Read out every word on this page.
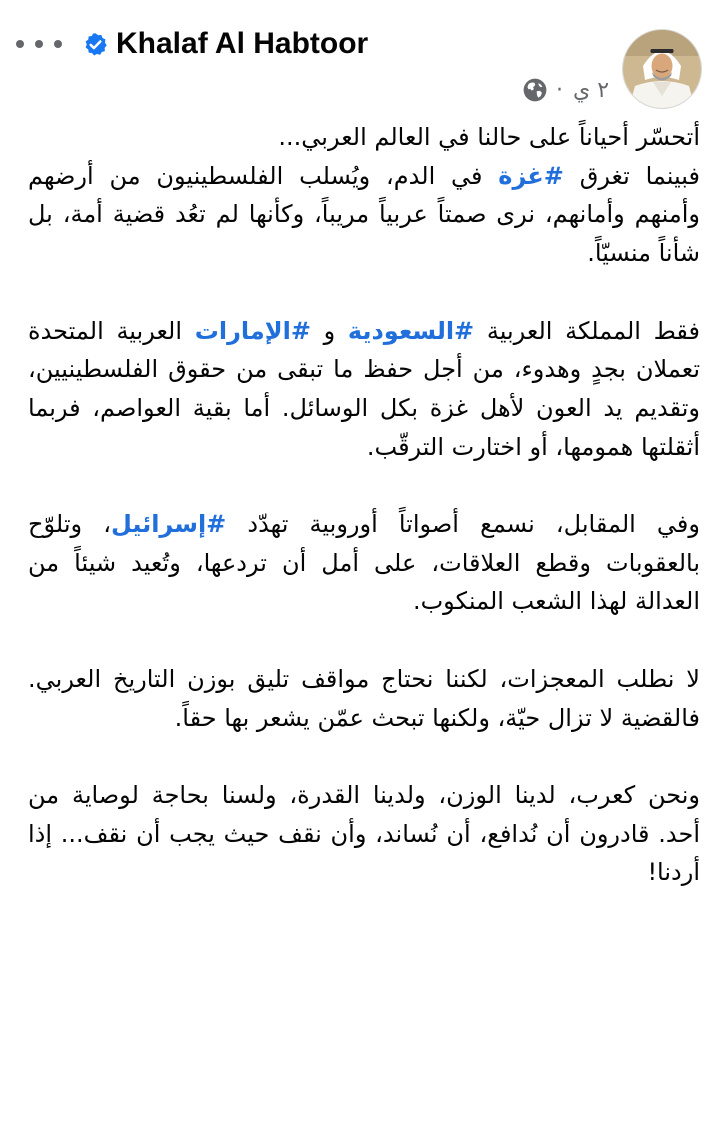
Khalaf Al Habtoor
· ٢ ي

أتحسّر أحياناً على حالنا في العالم العربي...
فبينما تغرق #غزة في الدم، ويُسلب الفلسطينيون من أرضهم وأمنهم وأمانهم، نرى صمتاً عربياً مريباً، وكأنها لم تعُد قضية أمة، بل شأناً منسيّاً.

فقط المملكة العربية #السعودية و #الإمارات العربية المتحدة تعملان بجدٍ وهدوء، من أجل حفظ ما تبقى من حقوق الفلسطينيين، وتقديم يد العون لأهل غزة بكل الوسائل. أما بقية العواصم، فربما أثقلتها همومها، أو اختارت الترقّب.

وفي المقابل، نسمع أصواتاً أوروبية تهدّد #إسرائيل، وتلوّح بالعقوبات وقطع العلاقات، على أمل أن تردعها، وتُعيد شيئاً من العدالة لهذا الشعب المنكوب.

لا نطلب المعجزات، لكننا نحتاج مواقف تليق بوزن التاريخ العربي. فالقضية لا تزال حيّة، ولكنها تبحث عمّن يشعر بها حقاً.

ونحن كعرب، لدينا الوزن، ولدينا القدرة، ولسنا بحاجة لوصاية من أحد. قادرون أن نُدافع، أن نُساند، وأن نقف حيث يجب أن نقف... إذا أردنا!
